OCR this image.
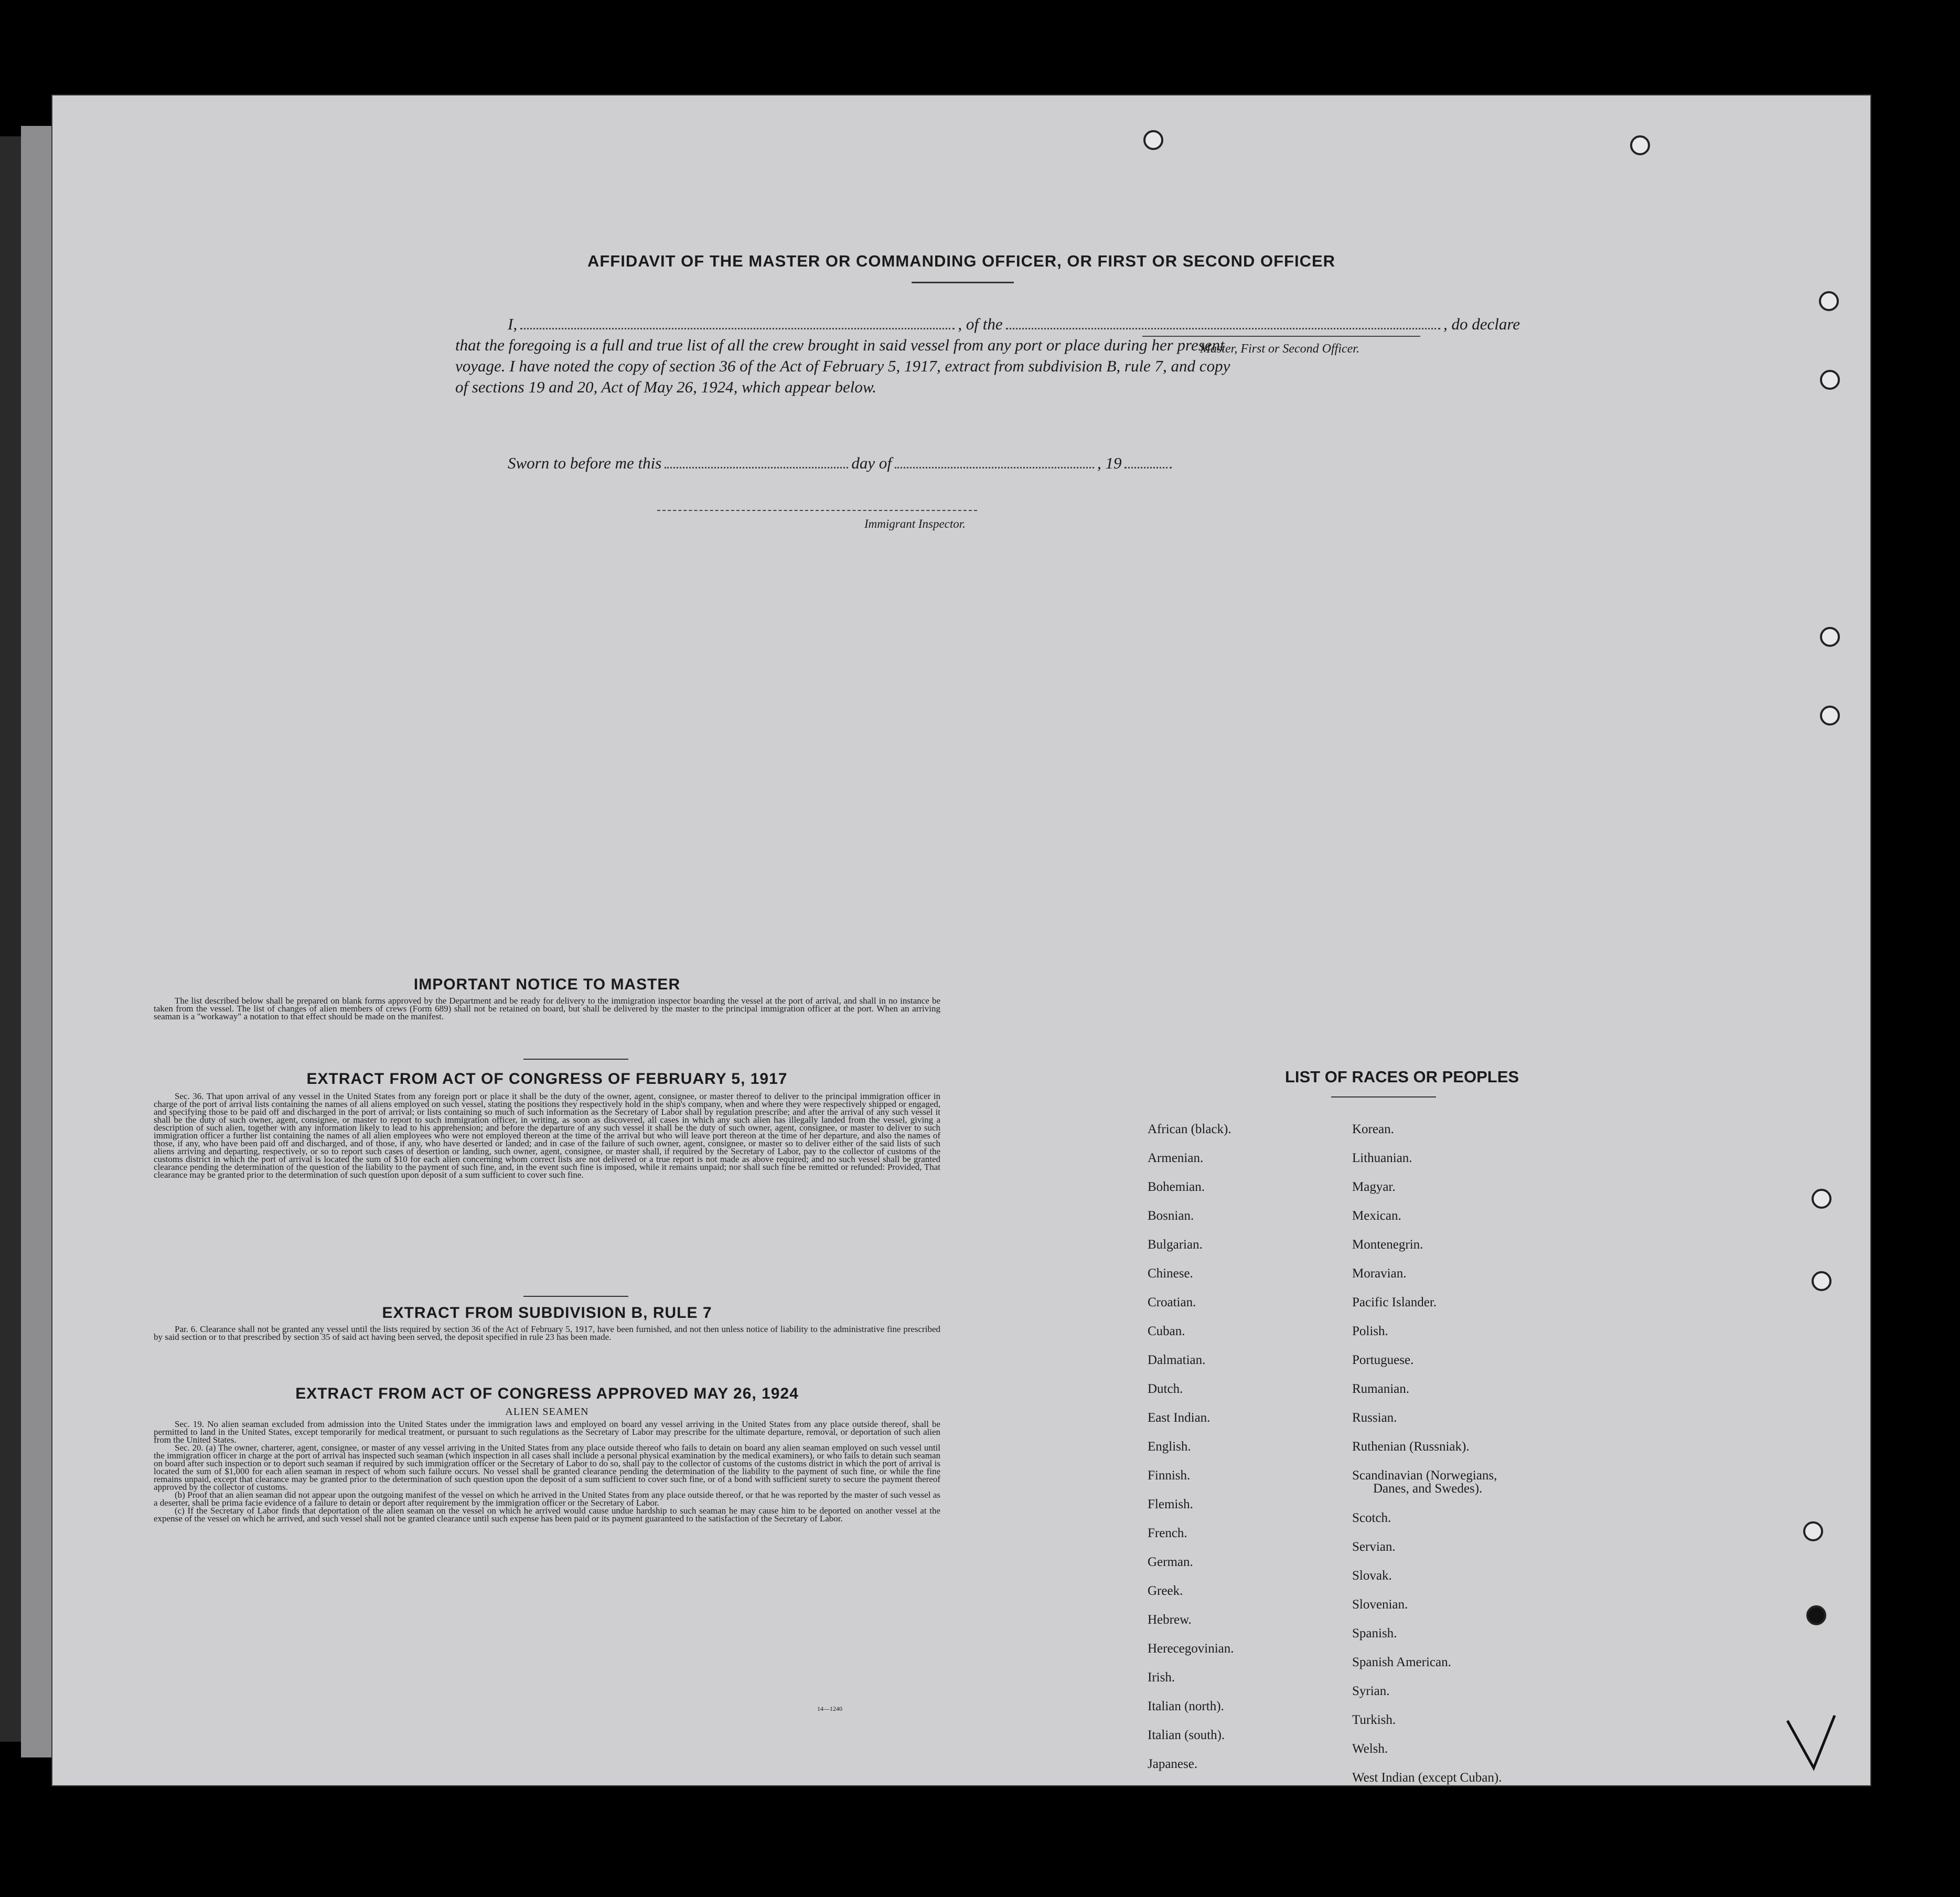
AFFIDAVIT OF THE MASTER OR COMMANDING OFFICER, OR FIRST OR SECOND OFFICER
I,	, of the	, do declare
that the foregoing is a full and true list of all the crew brought in said vessel from any port or place during her present
voyage. I have noted the copy of section 36 of the Act of February 5, 1917, extract from subdivision B, rule 7, and copy
of sections 19 and 20, Act of May 26, 1924, which appear below.
Master, First or Second Officer.
Sworn to before me this	day of	, 19
Immigrant Inspector.
IMPORTANT NOTICE TO MASTER
The list described below shall be prepared on blank forms approved by the Department and be ready for delivery to the immigration inspector boarding the vessel at the port of arrival, and shall in no instance be taken from the vessel. The list of changes of alien members of crews (Form 689) shall not be retained on board, but shall be delivered by the master to the principal immigration officer at the port. When an arriving seaman is a "workaway" a notation to that effect should be made on the manifest.
EXTRACT FROM ACT OF CONGRESS OF FEBRUARY 5, 1917
Sec. 36. That upon arrival of any vessel in the United States from any foreign port or place it shall be the duty of the owner, agent, consignee, or master thereof to deliver to the principal immigration officer in charge of the port of arrival lists containing the names of all aliens employed on such vessel, stating the positions they respectively hold in the ship's company, when and where they were respectively shipped or engaged, and specifying those to be paid off and discharged in the port of arrival; or lists containing so much of such information as the Secretary of Labor shall by regulation prescribe; and after the arrival of any such vessel it shall be the duty of such owner, agent, consignee, or master to report to such immigration officer, in writing, as soon as discovered, all cases in which any such alien has illegally landed from the vessel, giving a description of such alien, together with any information likely to lead to his apprehension; and before the departure of any such vessel it shall be the duty of such owner, agent, consignee, or master to deliver to such immigration officer a further list containing the names of all alien employees who were not employed thereon at the time of the arrival but who will leave port thereon at the time of her departure, and also the names of those, if any, who have been paid off and discharged, and of those, if any, who have deserted or landed; and in case of the failure of such owner, agent, consignee, or master so to deliver either of the said lists of such aliens arriving and departing, respectively, or so to report such cases of desertion or landing, such owner, agent, consignee, or master shall, if required by the Secretary of Labor, pay to the collector of customs of the customs district in which the port of arrival is located the sum of $10 for each alien concerning whom correct lists are not delivered or a true report is not made as above required; and no such vessel shall be granted clearance pending the determination of the question of the liability to the payment of such fine, and, in the event such fine is imposed, while it remains unpaid; nor shall such fine be remitted or refunded: Provided, That clearance may be granted prior to the determination of such question upon deposit of a sum sufficient to cover such fine.
EXTRACT FROM SUBDIVISION B, RULE 7
Par. 6. Clearance shall not be granted any vessel until the lists required by section 36 of the Act of February 5, 1917, have been furnished, and not then unless notice of liability to the administrative fine prescribed by said section or to that prescribed by section 35 of said act having been served, the deposit specified in rule 23 has been made.
EXTRACT FROM ACT OF CONGRESS APPROVED MAY 26, 1924
ALIEN SEAMEN
Sec. 19. No alien seaman excluded from admission into the United States under the immigration laws and employed on board any vessel arriving in the United States from any place outside thereof, shall be permitted to land in the United States, except temporarily for medical treatment, or pursuant to such regulations as the Secretary of Labor may prescribe for the ultimate departure, removal, or deportation of such alien from the United States.
Sec. 20. (a) The owner, charterer, agent, consignee, or master of any vessel arriving in the United States from any place outside thereof who fails to detain on board any alien seaman employed on such vessel until the immigration officer in charge at the port of arrival has inspected such seaman (which inspection in all cases shall include a personal physical examination by the medical examiners), or who fails to detain such seaman on board after such inspection or to deport such seaman if required by such immigration officer or the Secretary of Labor to do so, shall pay to the collector of customs of the customs district in which the port of arrival is located the sum of $1,000 for each alien seaman in respect of whom such failure occurs. No vessel shall be granted clearance pending the determination of the liability to the payment of such fine, or while the fine remains unpaid, except that clearance may be granted prior to the determination of such question upon the deposit of a sum sufficient to cover such fine, or of a bond with sufficient surety to secure the payment thereof approved by the collector of customs.
(b) Proof that an alien seaman did not appear upon the outgoing manifest of the vessel on which he arrived in the United States from any place outside thereof, or that he was reported by the master of such vessel as a deserter, shall be prima facie evidence of a failure to detain or deport after requirement by the immigration officer or the Secretary of Labor.
(c) If the Secretary of Labor finds that deportation of the alien seaman on the vessel on which he arrived would cause undue hardship to such seaman he may cause him to be deported on another vessel at the expense of the vessel on which he arrived, and such vessel shall not be granted clearance until such expense has been paid or its payment guaranteed to the satisfaction of the Secretary of Labor.
14—1240
LIST OF RACES OR PEOPLES
African (black).
Armenian.
Bohemian.
Bosnian.
Bulgarian.
Chinese.
Croatian.
Cuban.
Dalmatian.
Dutch.
East Indian.
English.
Finnish.
Flemish.
French.
German.
Greek.
Hebrew.
Herecegovinian.
Irish.
Italian (north).
Italian (south).
Japanese.
Korean.
Lithuanian.
Magyar.
Mexican.
Montenegrin.
Moravian.
Pacific Islander.
Polish.
Portuguese.
Rumanian.
Russian.
Ruthenian (Russniak).
Scandinavian (Norwegians,
Danes, and Swedes).
Scotch.
Servian.
Slovak.
Slovenian.
Spanish.
Spanish American.
Syrian.
Turkish.
Welsh.
West Indian (except Cuban).
